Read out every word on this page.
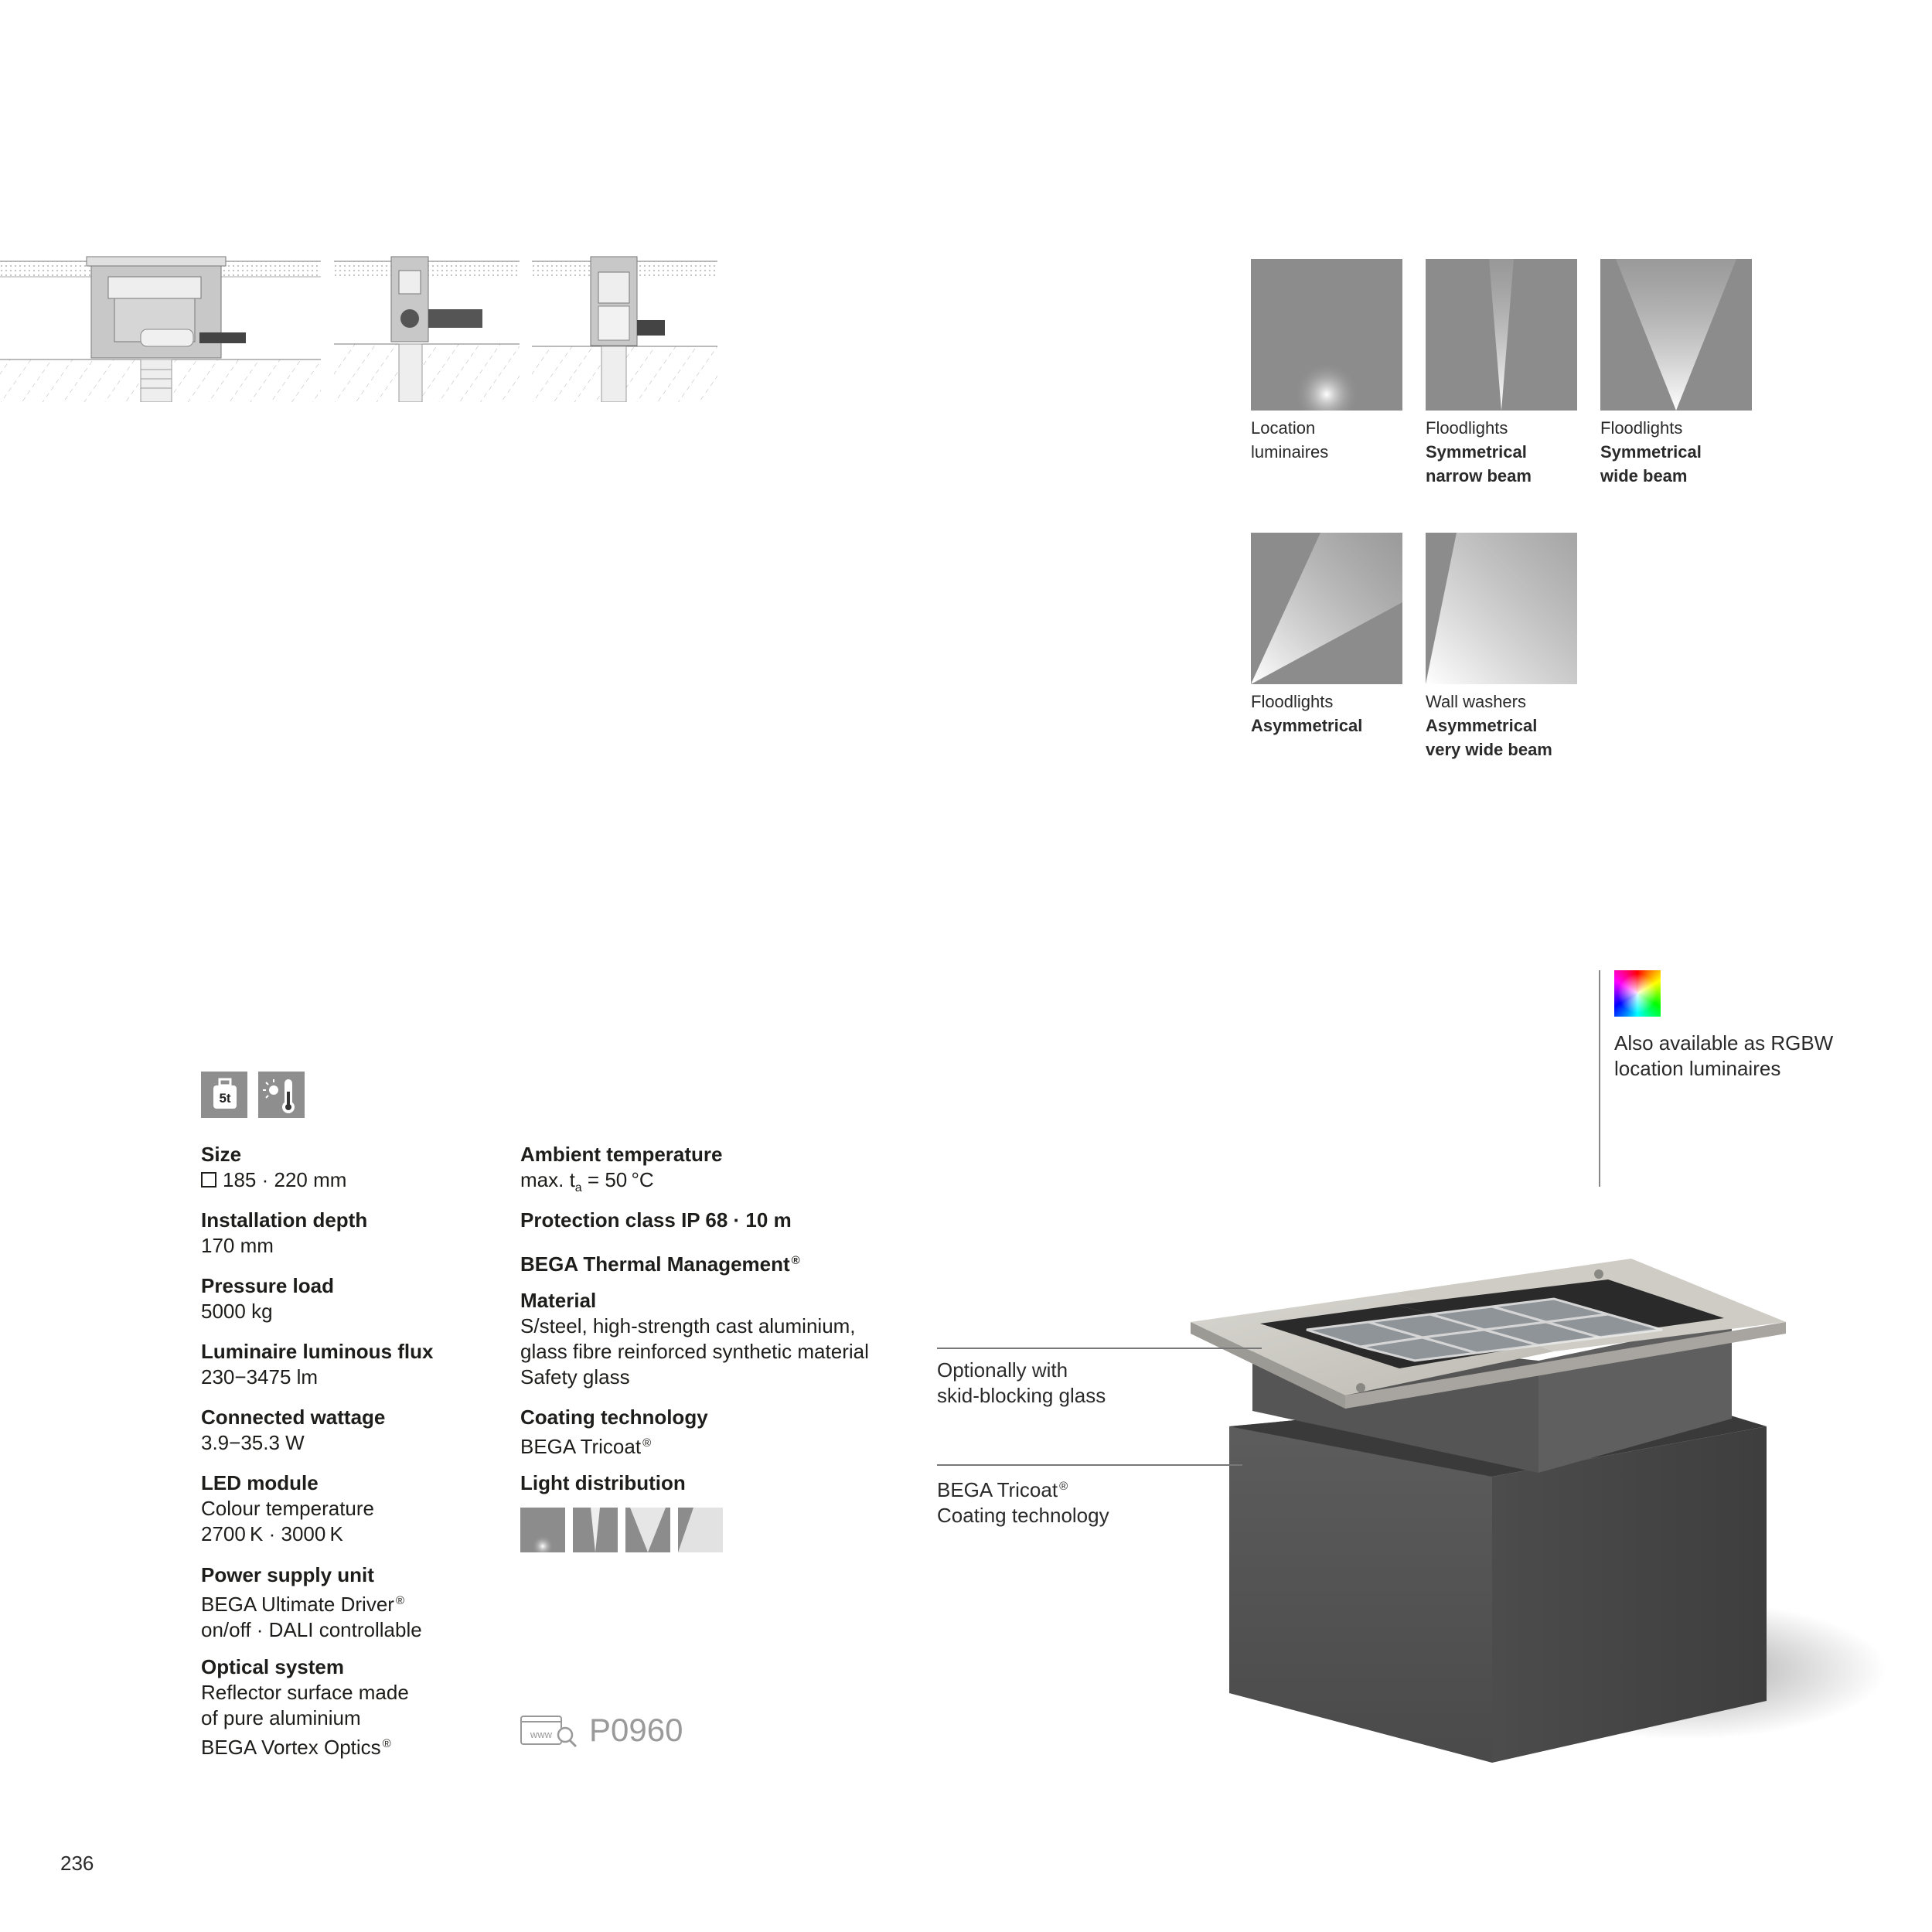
Location
luminaires
Floodlights
Symmetrical
narrow beam
Floodlights
Symmetrical
wide beam
Floodlights
Asymmetrical
Wall washers
Asymmetrical
very wide beam
Also available as RGBW
location luminaires
5t
Size
185 · 220 mm
Installation depth
170 mm
Pressure load
5000 kg
Luminaire luminous flux
230−3475 lm
Connected wattage
3.9−35.3 W
LED module
Colour temperature
2700 K · 3000 K
Power supply unit
BEGA Ultimate Driver ®
on/off · DALI controllable
Optical system
Reflector surface made
of pure aluminium
BEGA Vortex Optics ®
Ambient temperature
max. $t_a = 50$ °C
Protection class IP 68 · 10 m
BEGA Thermal Management ®
Material
S/steel, high-strength cast aluminium,
glass fibre reinforced synthetic material
Safety glass
Coating technology
BEGA Tricoat ®
Light distribution
www P0960
Optionally with
skid-blocking glass
BEGA Tricoat ®
Coating technology
236
